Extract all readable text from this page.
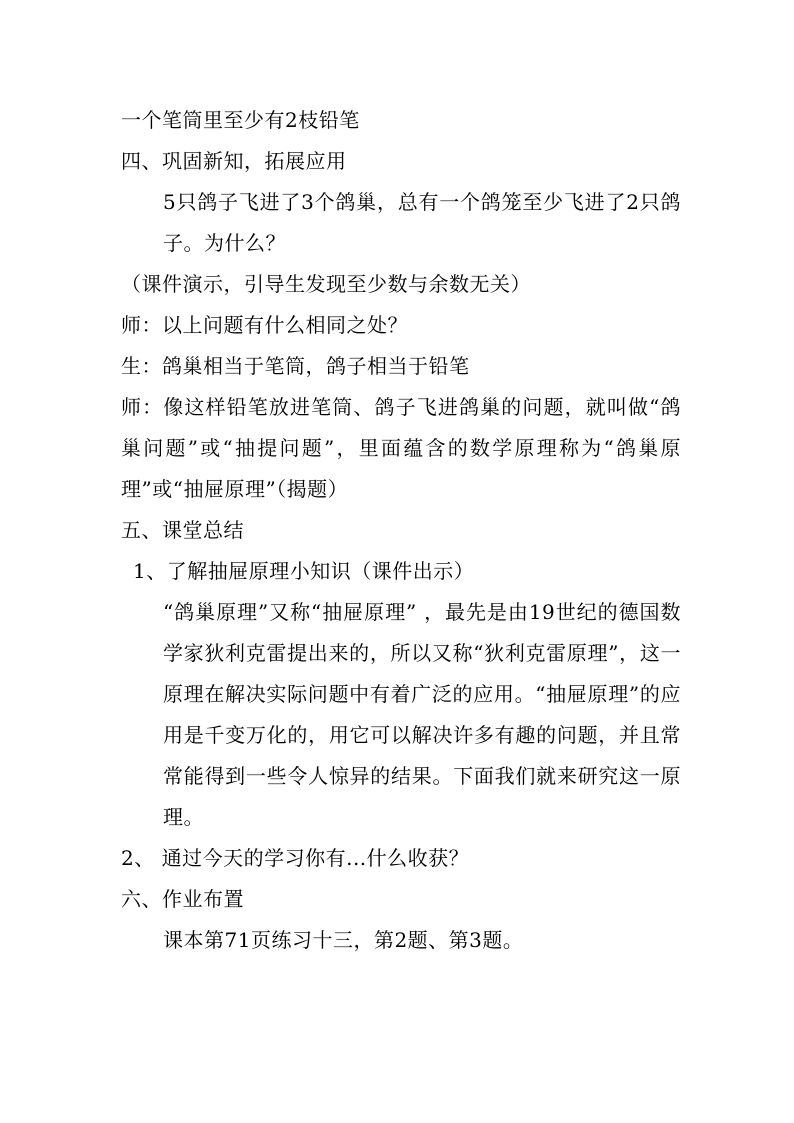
一个笔筒里至少有2枝铅笔
四、巩固新知，拓展应用
5只鸽子飞进了3个鸽巢，总有一个鸽笼至少飞进了2只鸽子。为什么？
（课件演示，引导生发现至少数与余数无关）
师：以上问题有什么相同之处？
生：鸽巢相当于笔筒，鸽子相当于铅笔
师：像这样铅笔放进笔筒、鸽子飞进鸽巢的问题，就叫做“鸽巢问题”或“抽提问题”，里面蕴含的数学原理称为“鸽巢原理”或“抽屉原理”（揭题）
五、课堂总结
1、了解抽屉原理小知识（课件出示）
“鸽巢原理”又称“抽屉原理” ，最先是由19世纪的德国数学家狄利克雷提出来的，所以又称“狄利克雷原理”，这一原理在解决实际问题中有着广泛的应用。“抽屉原理”的应用是千变万化的，用它可以解决许多有趣的问题，并且常常能得到一些令人惊异的结果。下面我们就来研究这一原理。
2、 通过今天的学习你有...什么收获？
六、作业布置
课本第71页练习十三，第2题、第3题。
